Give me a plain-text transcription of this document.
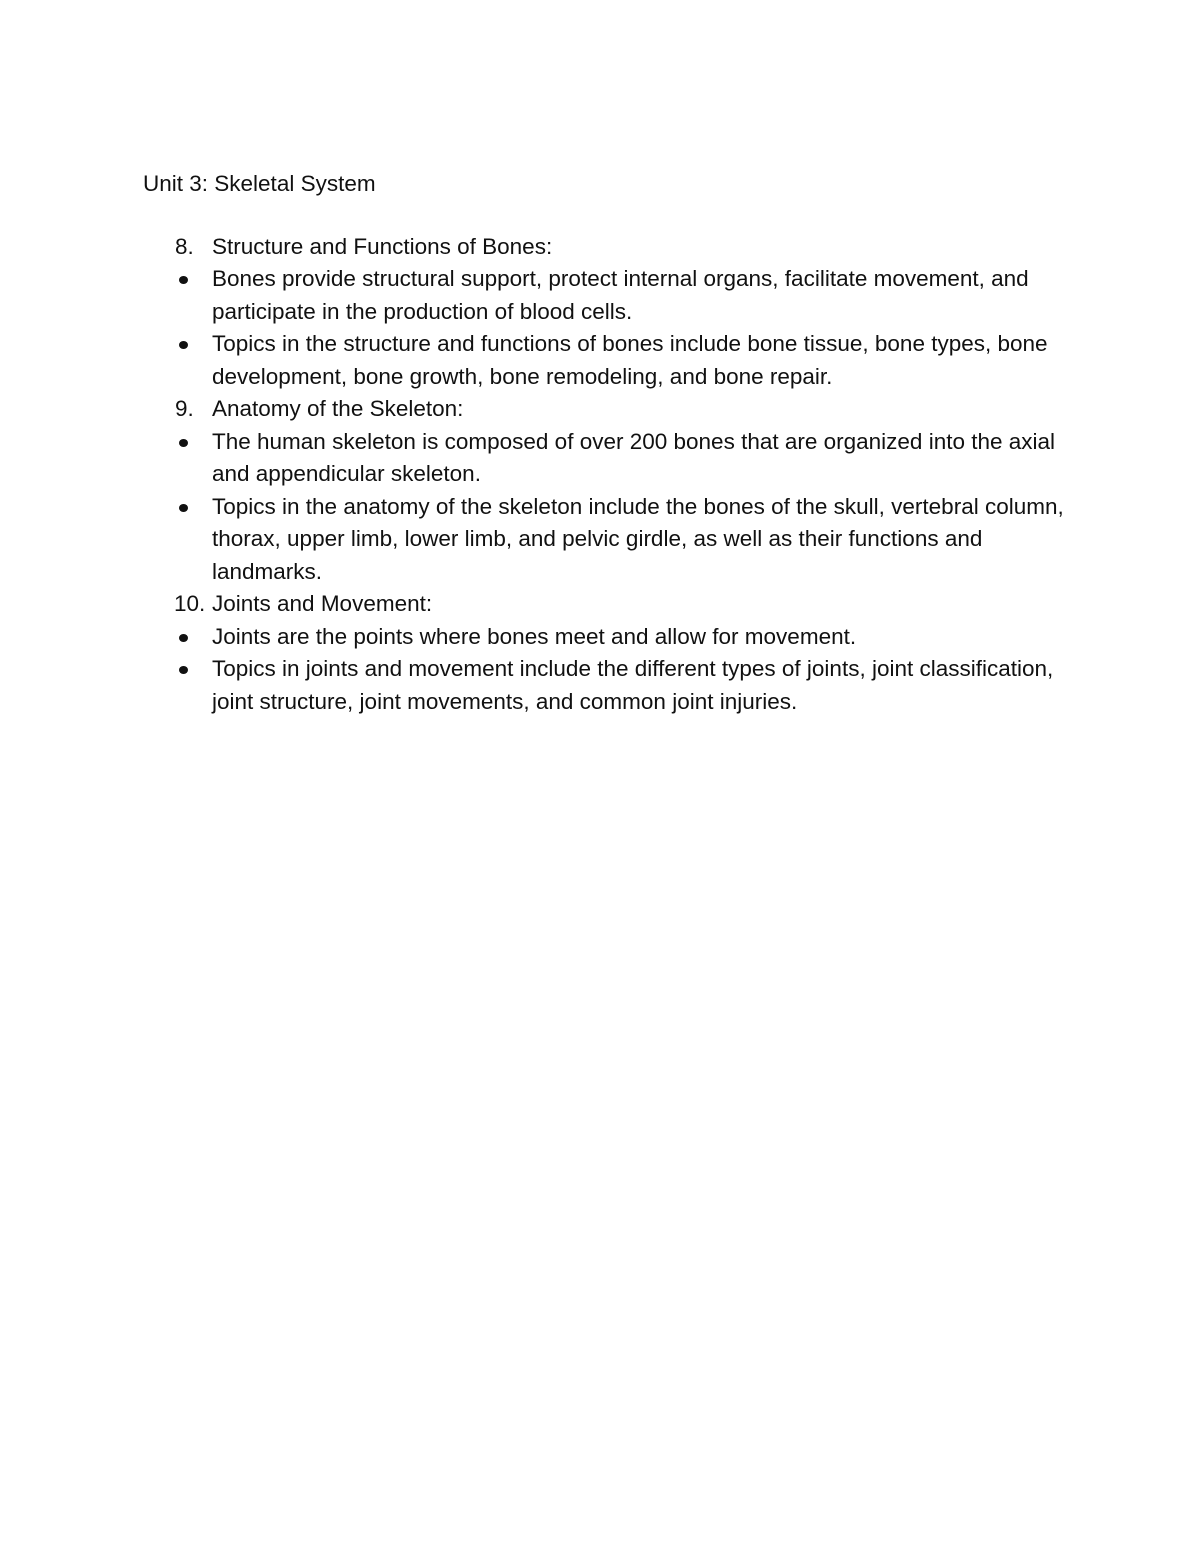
Unit 3: Skeletal System
8. Structure and Functions of Bones:
Bones provide structural support, protect internal organs, facilitate movement, and participate in the production of blood cells.
Topics in the structure and functions of bones include bone tissue, bone types, bone development, bone growth, bone remodeling, and bone repair.
9. Anatomy of the Skeleton:
The human skeleton is composed of over 200 bones that are organized into the axial and appendicular skeleton.
Topics in the anatomy of the skeleton include the bones of the skull, vertebral column, thorax, upper limb, lower limb, and pelvic girdle, as well as their functions and landmarks.
10. Joints and Movement:
Joints are the points where bones meet and allow for movement.
Topics in joints and movement include the different types of joints, joint classification, joint structure, joint movements, and common joint injuries.
